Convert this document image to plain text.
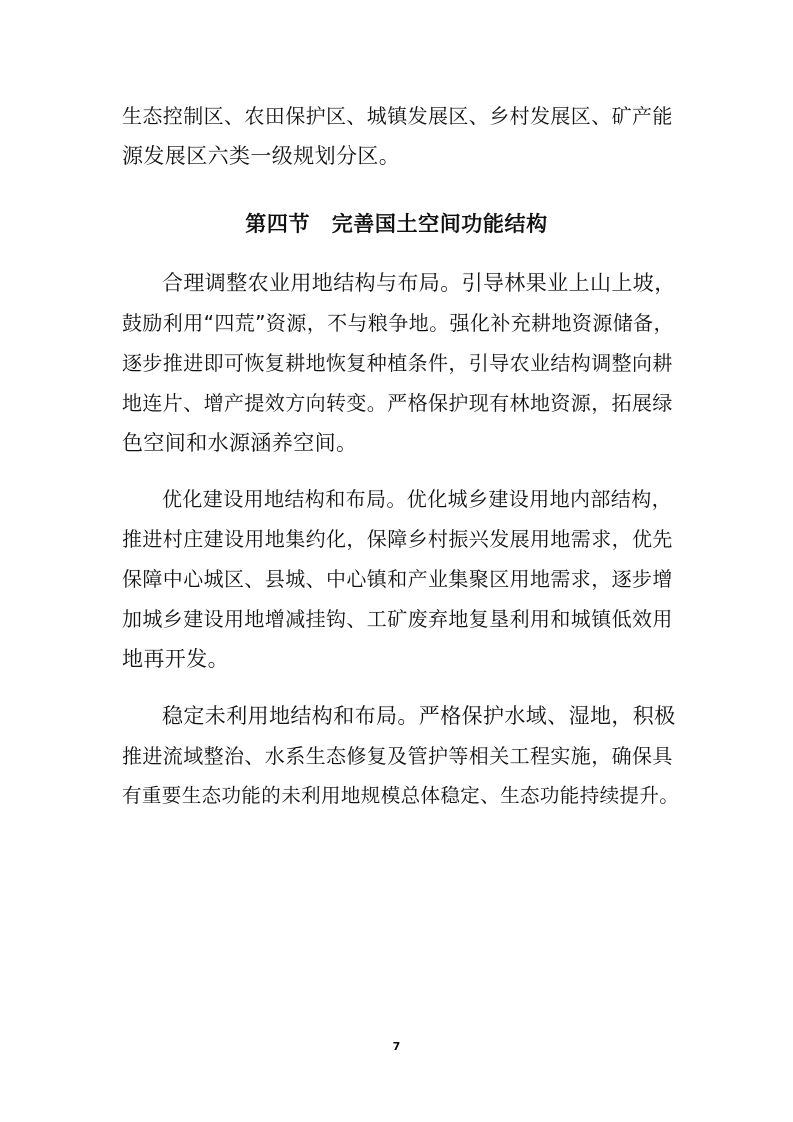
生态控制区、农田保护区、城镇发展区、乡村发展区、矿产能
源发展区六类一级规划分区。
第四节　完善国土空间功能结构
合理调整农业用地结构与布局。引导林果业上山上坡，
鼓励利用“四荒”资源，不与粮争地。强化补充耕地资源储备，
逐步推进即可恢复耕地恢复种植条件，引导农业结构调整向耕
地连片、增产提效方向转变。严格保护现有林地资源，拓展绿
色空间和水源涵养空间。
优化建设用地结构和布局。优化城乡建设用地内部结构，
推进村庄建设用地集约化，保障乡村振兴发展用地需求，优先
保障中心城区、县城、中心镇和产业集聚区用地需求，逐步增
加城乡建设用地增减挂钩、工矿废弃地复垦利用和城镇低效用
地再开发。
稳定未利用地结构和布局。严格保护水域、湿地，积极
推进流域整治、水系生态修复及管护等相关工程实施，确保具
有重要生态功能的未利用地规模总体稳定、生态功能持续提升。

7
